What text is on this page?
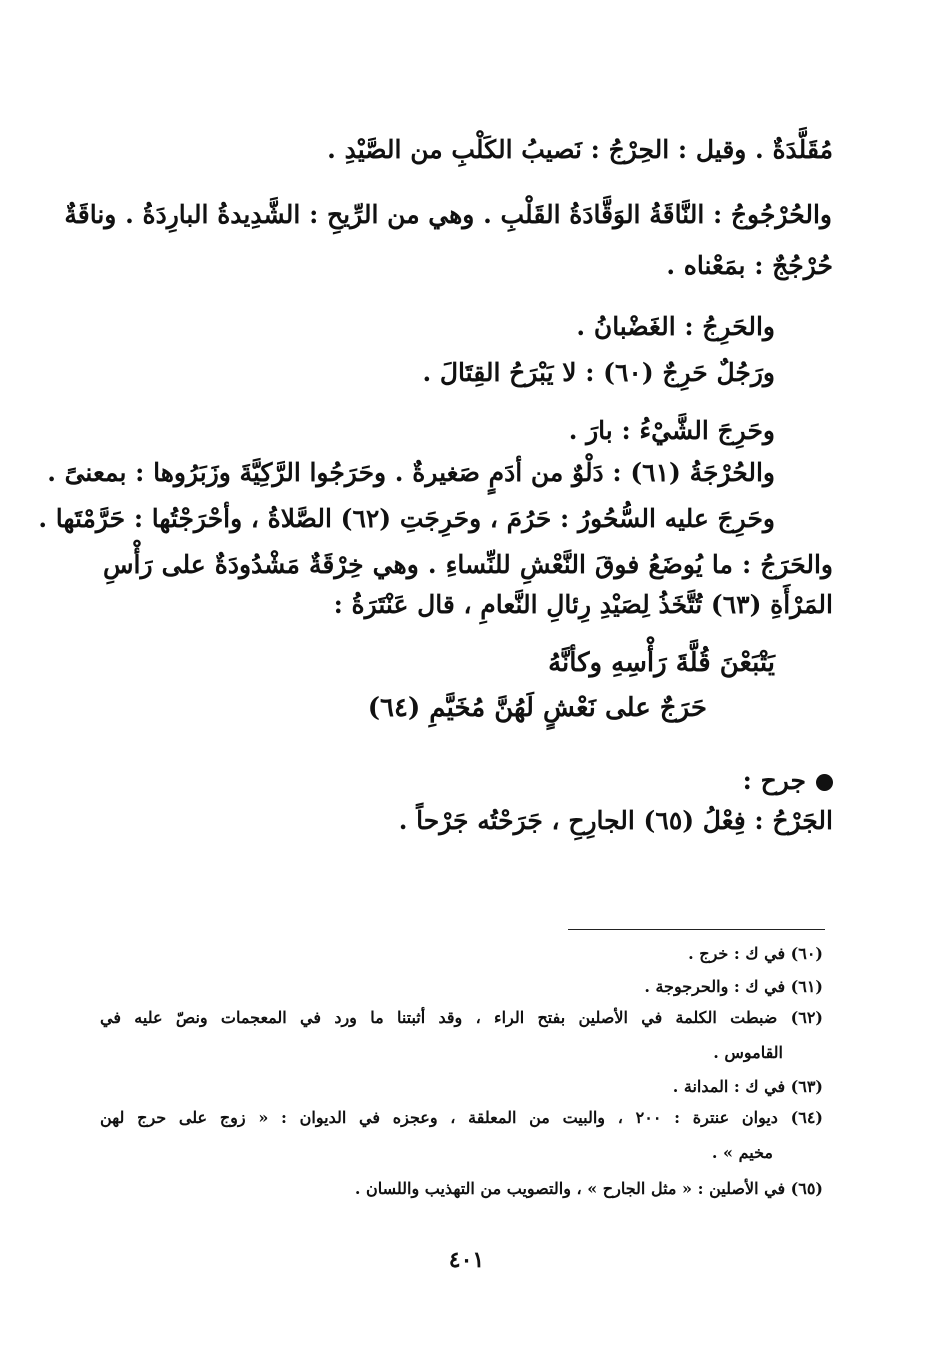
مُقَلَّدَةٌ . وقيل : الحِرْجُ : نَصيبُ الكَلْبِ من الصَّيْدِ .
والحُرْجُوجُ : النَّاقَةُ الوَقَّادَةُ القَلْبِ . وهي من الرِّيحِ : الشَّدِيدةُ البارِدَةُ . وناقَةٌ
حُرْجُجٌ : بمَعْناه .
والحَرِجُ : الغَضْبانُ .
ورَجُلٌ حَرِجٌ (٦٠) : لا يَبْرَحُ القِتَالَ .
وحَرِجَ الشَّيْءُ : بارَ .
والحُرْجَةُ (٦١) : دَلْوٌ من أدَمٍ صَغيرةٌ . وحَرَجُوا الرَّكِيَّةَ وزَبَرُوها : بمعنىً .
وحَرِجَ عليه السُّحُورُ : حَرُمَ ، وحَرِجَتِ (٦٢) الصَّلاةُ ، وأحْرَجْتُها : حَرَّمْتَها .
والحَرَجُ : ما يُوضَعُ فوقَ النَّعْشِ للنِّساءِ . وهي خِرْقَةٌ مَشْدُودَةٌ على رَأْسِ
المَرْأَةِ (٦٣) تُتَّخَذُ لِصَيْدِ رِئالِ النَّعامِ ، قال عَنْتَرَةُ :
يَتْبَعْنَ قُلَّةَ رَأْسِهِ وكأنَّهُ
حَرَجٌ على نَعْشٍ لَهُنَّ مُخَيَّمِ (٦٤)
جرح :
الجَرْحُ : فِعْلُ (٦٥) الجارِحِ ، جَرَحْتُه جَرْحاً .
(٦٠) في ك : خرج .
(٦١) في ك : والحرجوجة .
(٦٢) ضبطت الكلمة في الأصلين بفتح الراء ، وقد أثبتنا ما ورد في المعجمات ونصّ عليه في
القاموس .
(٦٣) في ك : المدانة .
(٦٤) ديوان عنترة : ٢٠٠ ، والبيت من المعلقة ، وعجزه في الديوان : « زوج على حرج لهن
مخيم » .
(٦٥) في الأصلين : « مثل الجارح » ، والتصويب من التهذيب واللسان .
٤٠١
